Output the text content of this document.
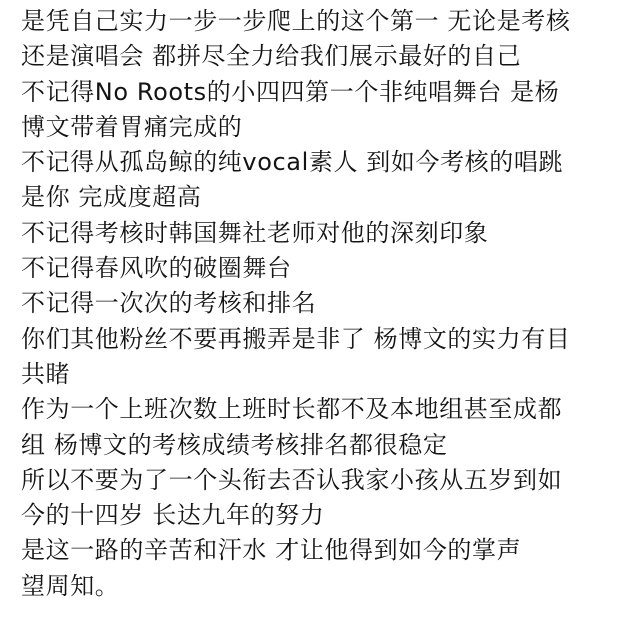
是凭自己实力一步一步爬上的这个第一 无论是考核
还是演唱会 都拼尽全力给我们展示最好的自己
不记得No Roots的小四四第一个非纯唱舞台 是杨
博文带着胃痛完成的
不记得从孤岛鲸的纯vocal素人 到如今考核的唱跳
是你 完成度超高
不记得考核时韩国舞社老师对他的深刻印象
不记得春风吹的破圈舞台
不记得一次次的考核和排名
你们其他粉丝不要再搬弄是非了 杨博文的实力有目
共睹
作为一个上班次数上班时长都不及本地组甚至成都
组 杨博文的考核成绩考核排名都很稳定
所以不要为了一个头衔去否认我家小孩从五岁到如
今的十四岁 长达九年的努力
是这一路的辛苦和汗水 才让他得到如今的掌声
望周知。
